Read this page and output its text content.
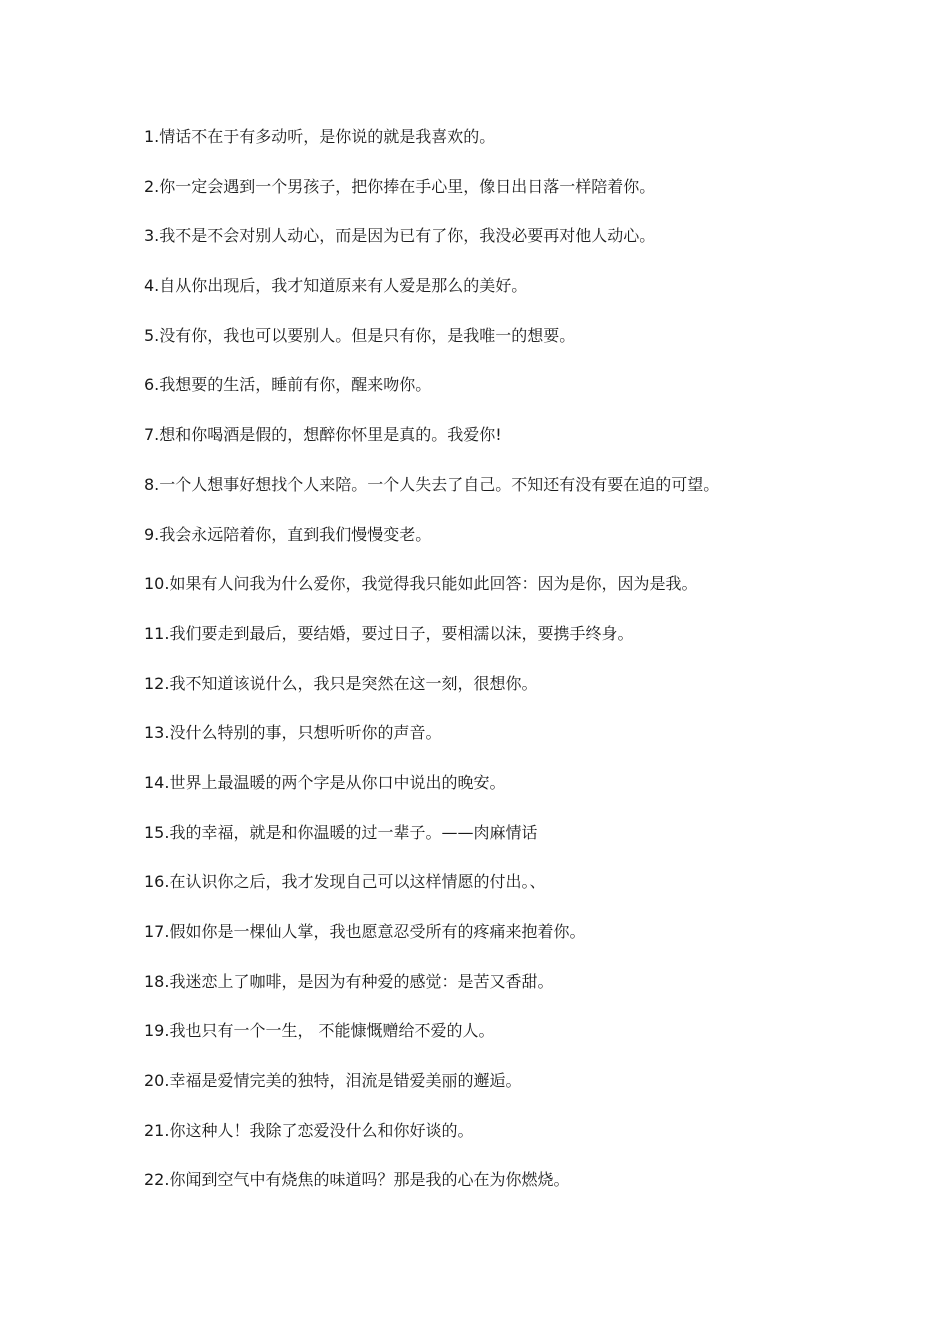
1.情话不在于有多动听，是你说的就是我喜欢的。
2.你一定会遇到一个男孩子，把你捧在手心里，像日出日落一样陪着你。
3.我不是不会对别人动心，而是因为已有了你，我没必要再对他人动心。
4.自从你出现后，我才知道原来有人爱是那么的美好。
5.没有你，我也可以要别人。但是只有你，是我唯一的想要。
6.我想要的生活，睡前有你，醒来吻你。
7.想和你喝酒是假的，想醉你怀里是真的。我爱你!
8.一个人想事好想找个人来陪。一个人失去了自己。不知还有没有要在追的可望。
9.我会永远陪着你，直到我们慢慢变老。
10.如果有人问我为什么爱你，我觉得我只能如此回答：因为是你，因为是我。
11.我们要走到最后，要结婚，要过日子，要相濡以沫，要携手终身。
12.我不知道该说什么，我只是突然在这一刻，很想你。
13.没什么特别的事，只想听听你的声音。
14.世界上最温暖的两个字是从你口中说出的晚安。
15.我的幸福，就是和你温暖的过一辈子。——肉麻情话
16.在认识你之后，我才发现自己可以这样情愿的付出。、
17.假如你是一棵仙人掌，我也愿意忍受所有的疼痛来抱着你。
18.我迷恋上了咖啡，是因为有种爱的感觉：是苦又香甜。
19.我也只有一个一生， 不能慷慨赠给不爱的人。
20.幸福是爱情完美的独特，泪流是错爱美丽的邂逅。
21.你这种人！我除了恋爱没什么和你好谈的。
22.你闻到空气中有烧焦的味道吗？那是我的心在为你燃烧。
